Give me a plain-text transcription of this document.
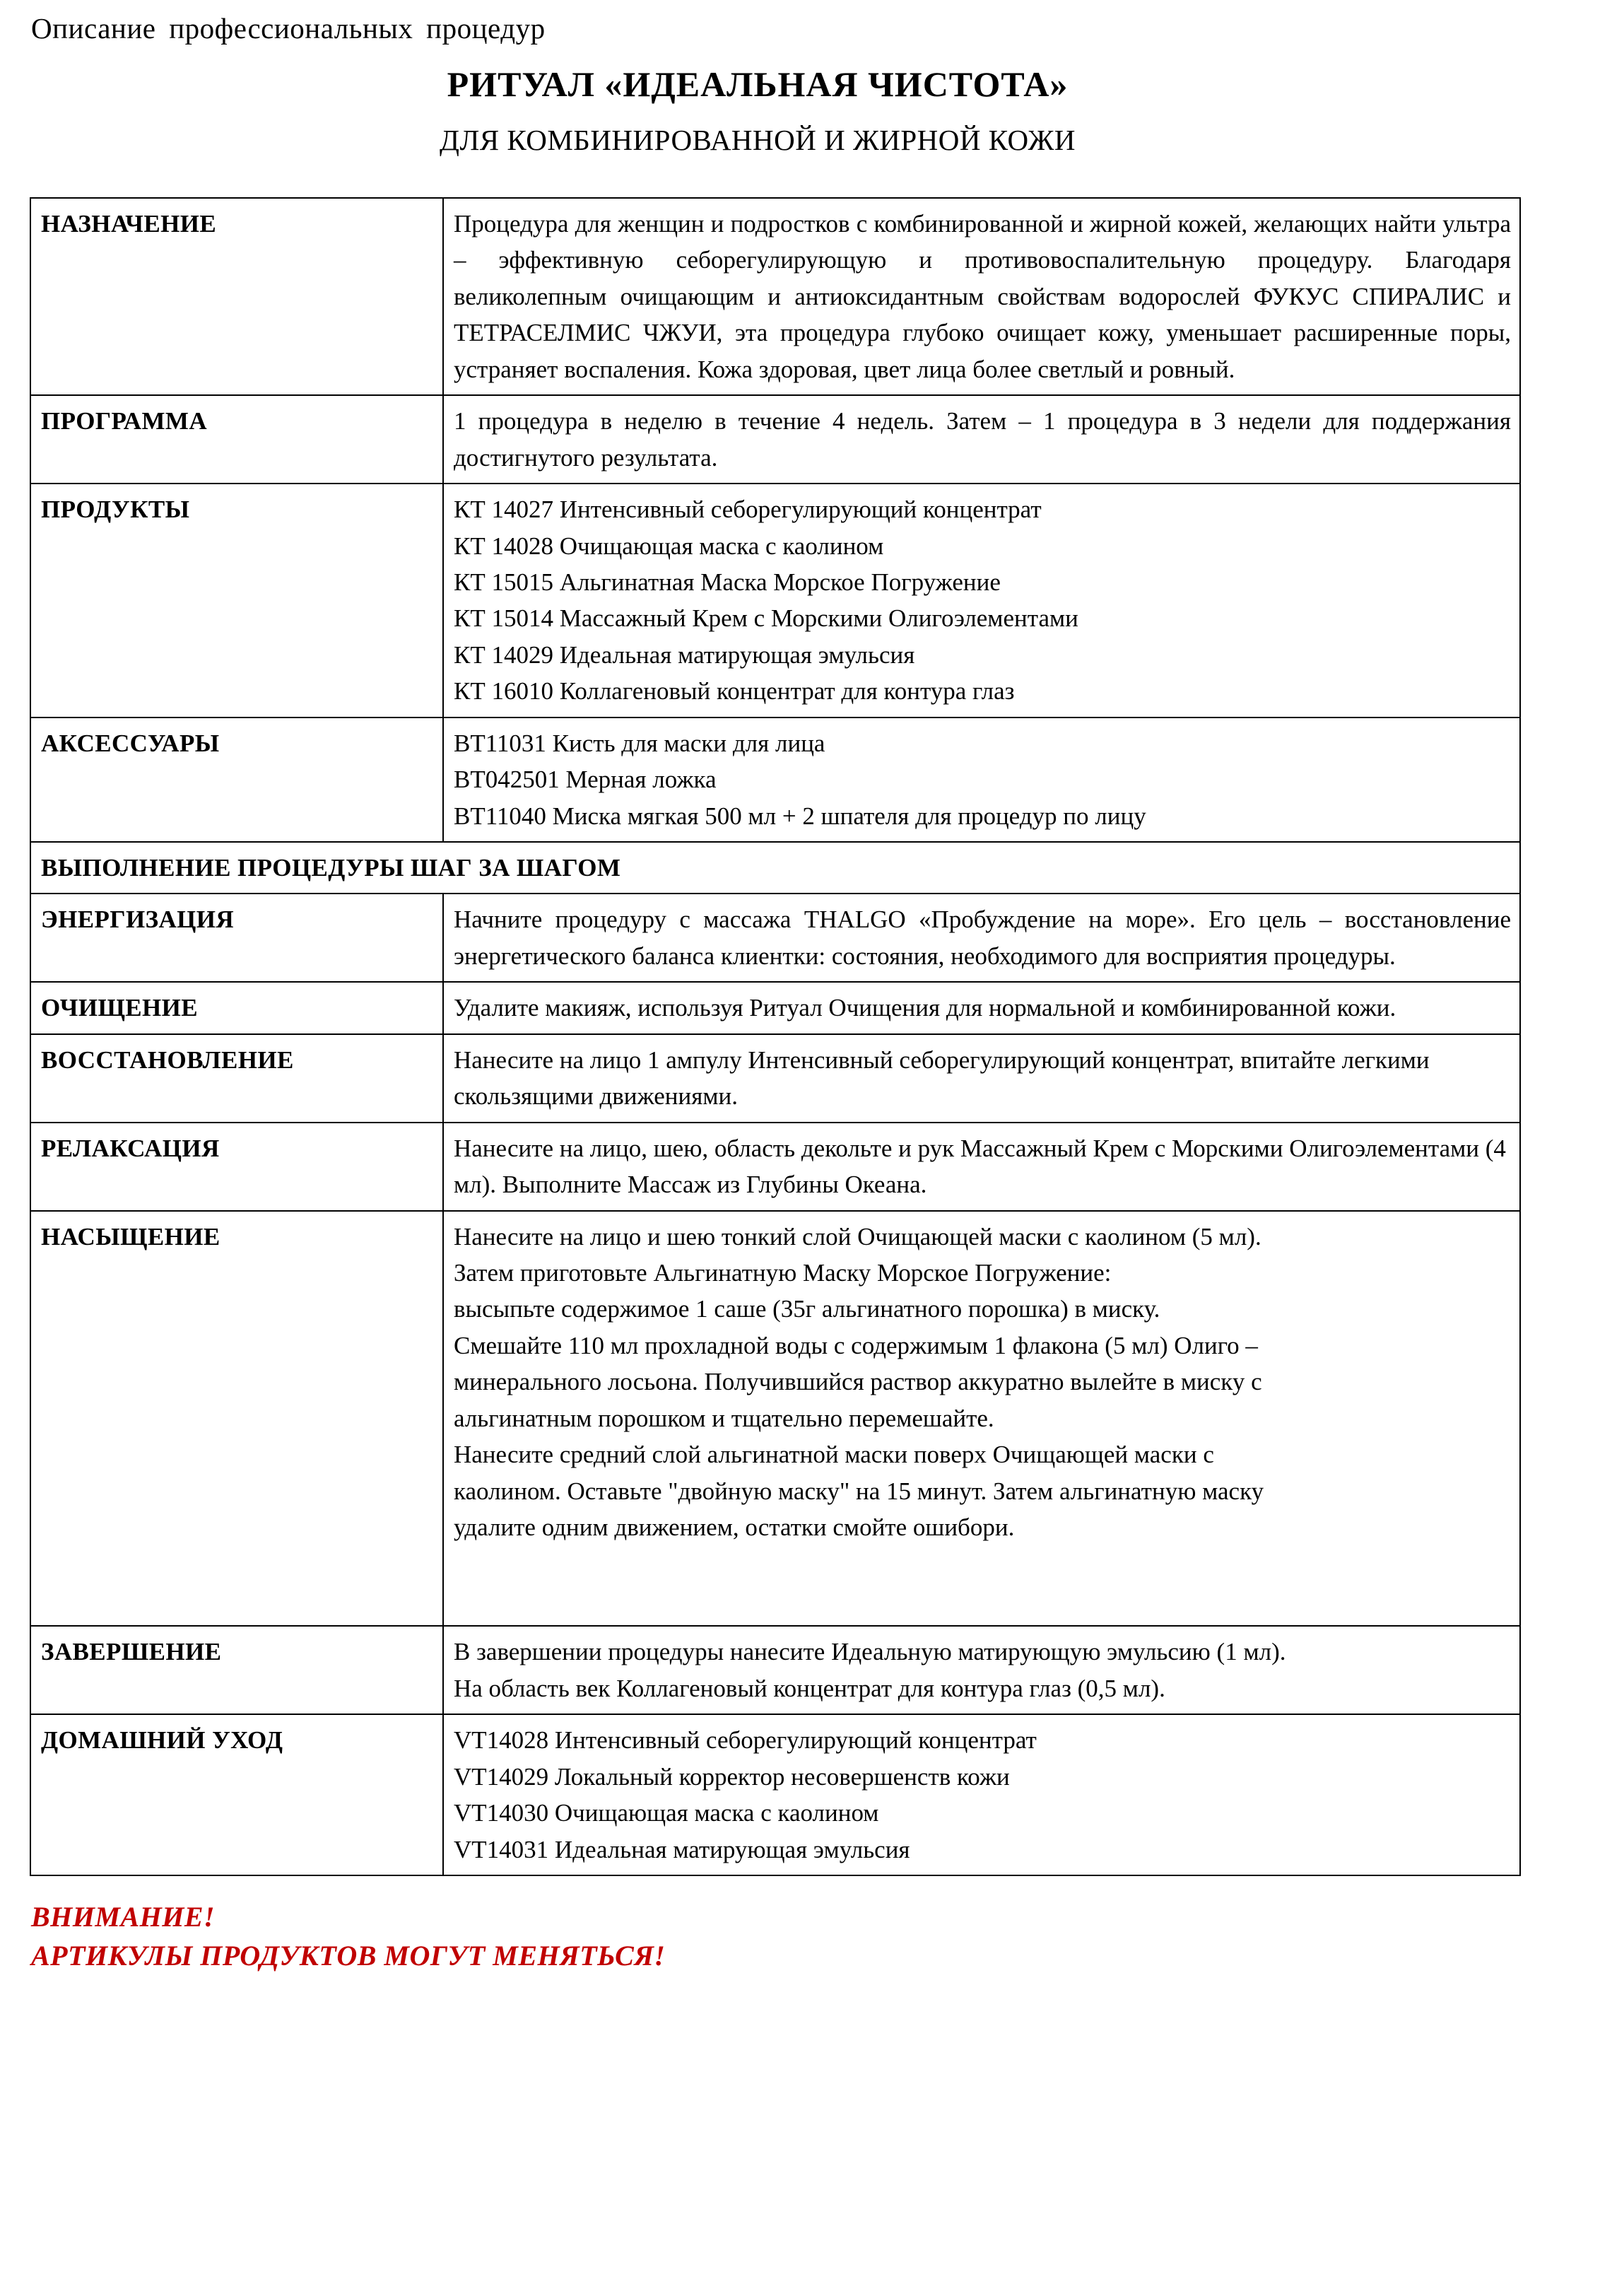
Описание профессиональных процедур
РИТУАЛ «ИДЕАЛЬНАЯ ЧИСТОТА»
ДЛЯ КОМБИНИРОВАННОЙ И ЖИРНОЙ КОЖИ
НАЗНАЧЕНИЕ	Процедура для женщин и подростков с комбинированной и жирной кожей, желающих найти ультра – эффективную себорегулирующую и противовоспалительную процедуру. Благодаря великолепным очищающим и антиоксидантным свойствам водорослей ФУКУС СПИРАЛИС и ТЕТРАСЕЛМИС ЧЖУИ, эта процедура глубоко очищает кожу, уменьшает расширенные поры, устраняет воспаления. Кожа здоровая, цвет лица более светлый и ровный.
ПРОГРАММА	1 процедура в неделю в течение 4 недель. Затем – 1 процедура в 3 недели для поддержания достигнутого результата.
ПРОДУКТЫ	КТ 14027 Интенсивный себорегулирующий концентрат
КТ 14028 Очищающая маска с каолином
КТ 15015 Альгинатная Маска Морское Погружение
КТ 15014 Массажный Крем с Морскими Олигоэлементами
КТ 14029 Идеальная матирующая эмульсия
КТ 16010 Коллагеновый концентрат для контура глаз

АКСЕССУАРЫ	BT11031 Кисть для маски для лица
BT042501 Мерная ложка
BT11040 Миска мягкая 500 мл + 2 шпателя для процедур по лицу

ВЫПОЛНЕНИЕ ПРОЦЕДУРЫ ШАГ ЗА ШАГОМ	
ЭНЕРГИЗАЦИЯ	Начните процедуру с массажа THALGO «Пробуждение на море». Его цель – восстановление энергетического баланса клиентки: состояния, необходимого для восприятия процедуры.
ОЧИЩЕНИЕ	Удалите макияж, используя Ритуал Очищения для нормальной и комбинированной кожи.
ВОССТАНОВЛЕНИЕ	Нанесите на лицо 1 ампулу Интенсивный себорегулирующий концентрат, впитайте легкими скользящими движениями.
РЕЛАКСАЦИЯ	Нанесите на лицо, шею, область декольте и рук Массажный Крем с Морскими Олигоэлементами (4 мл). Выполните Массаж из Глубины Океана.
НАСЫЩЕНИЕ	Нанесите на лицо и шею тонкий слой Очищающей маски с каолином (5 мл).
Затем приготовьте Альгинатную Маску Морское Погружение:
высыпьте содержимое 1 саше (35г альгинатного порошка) в миску.
Смешайте 110 мл прохладной воды с содержимым 1 флакона (5 мл) Олиго –
минерального лосьона. Получившийся раствор аккуратно вылейте в миску с
альгинатным порошком и тщательно перемешайте.
Нанесите средний слой альгинатной маски поверх Очищающей маски с
каолином. Оставьте "двойную маску" на 15 минут. Затем альгинатную маску
удалите одним движением, остатки смойте ошибори.

ЗАВЕРШЕНИЕ	В завершении процедуры нанесите Идеальную матирующую эмульсию (1 мл).
На область век Коллагеновый концентрат для контура глаз (0,5 мл).

ДОМАШНИЙ УХОД	VT14028 Интенсивный себорегулирующий концентрат
VT14029 Локальный корректор несовершенств кожи
VT14030 Очищающая маска с каолином
VT14031 Идеальная матирующая эмульсия
ВНИМАНИЕ!
АРТИКУЛЫ ПРОДУКТОВ МОГУТ МЕНЯТЬСЯ!
